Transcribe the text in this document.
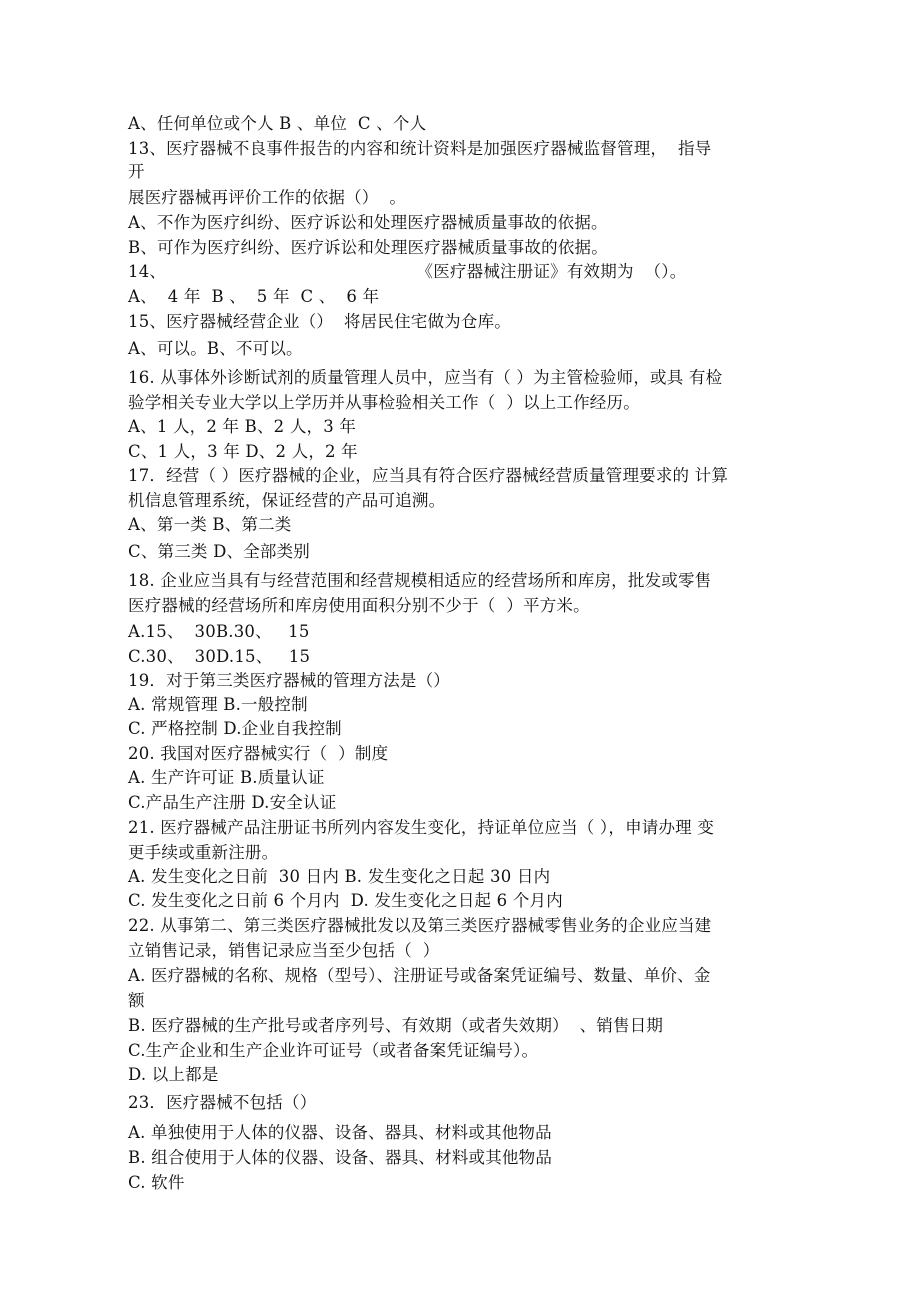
A、任何单位或个人 B 、单位  C 、个人
13、医疗器械不良事件报告的内容和统计资料是加强医疗器械监督管理，  指导
开
展医疗器械再评价工作的依据（）  。
A、不作为医疗纠纷、医疗诉讼和处理医疗器械质量事故的依据。
B、可作为医疗纠纷、医疗诉讼和处理医疗器械质量事故的依据。
14、                                              《医疗器械注册证》有效期为  （）。
A、  4 年  B 、  5 年  C 、  6 年
15、医疗器械经营企业（）  将居民住宅做为仓库。
A、可以。B、不可以。
16. 从事体外诊断试剂的质量管理人员中，应当有（ ）为主管检验师，或具 有检
验学相关专业大学以上学历并从事检验相关工作（  ）以上工作经历。
A、1 人，2 年 B、2 人，3 年
C、1 人，3 年 D、2 人，2 年
17．经营（ ）医疗器械的企业，应当具有符合医疗器械经营质量管理要求的 计算
机信息管理系统，保证经营的产品可追溯。
A、第一类 B、第二类
C、第三类 D、全部类别
18. 企业应当具有与经营范围和经营规模相适应的经营场所和库房，批发或零售
医疗器械的经营场所和库房使用面积分别不少于（  ）平方米。
A.15、  30B.30、   15
C.30、  30D.15、   15
19．对于第三类医疗器械的管理方法是（）
A. 常规管理 B.一般控制
C. 严格控制 D.企业自我控制
20. 我国对医疗器械实行（  ）制度
A. 生产许可证 B.质量认证
C.产品生产注册 D.安全认证
21. 医疗器械产品注册证书所列内容发生变化，持证单位应当（ ），申请办理 变
更手续或重新注册。
A. 发生变化之日前  30 日内 B. 发生变化之日起 30 日内
C. 发生变化之日前 6 个月内  D. 发生变化之日起 6 个月内
22. 从事第二、第三类医疗器械批发以及第三类医疗器械零售业务的企业应当建
立销售记录，销售记录应当至少包括（  ）
A. 医疗器械的名称、规格（型号）、注册证号或备案凭证编号、数量、单价、金
额
B. 医疗器械的生产批号或者序列号、有效期（或者失效期）  、销售日期
C.生产企业和生产企业许可证号（或者备案凭证编号）。
D. 以上都是
23．医疗器械不包括（）
A. 单独使用于人体的仪器、设备、器具、材料或其他物品
B. 组合使用于人体的仪器、设备、器具、材料或其他物品
C. 软件
